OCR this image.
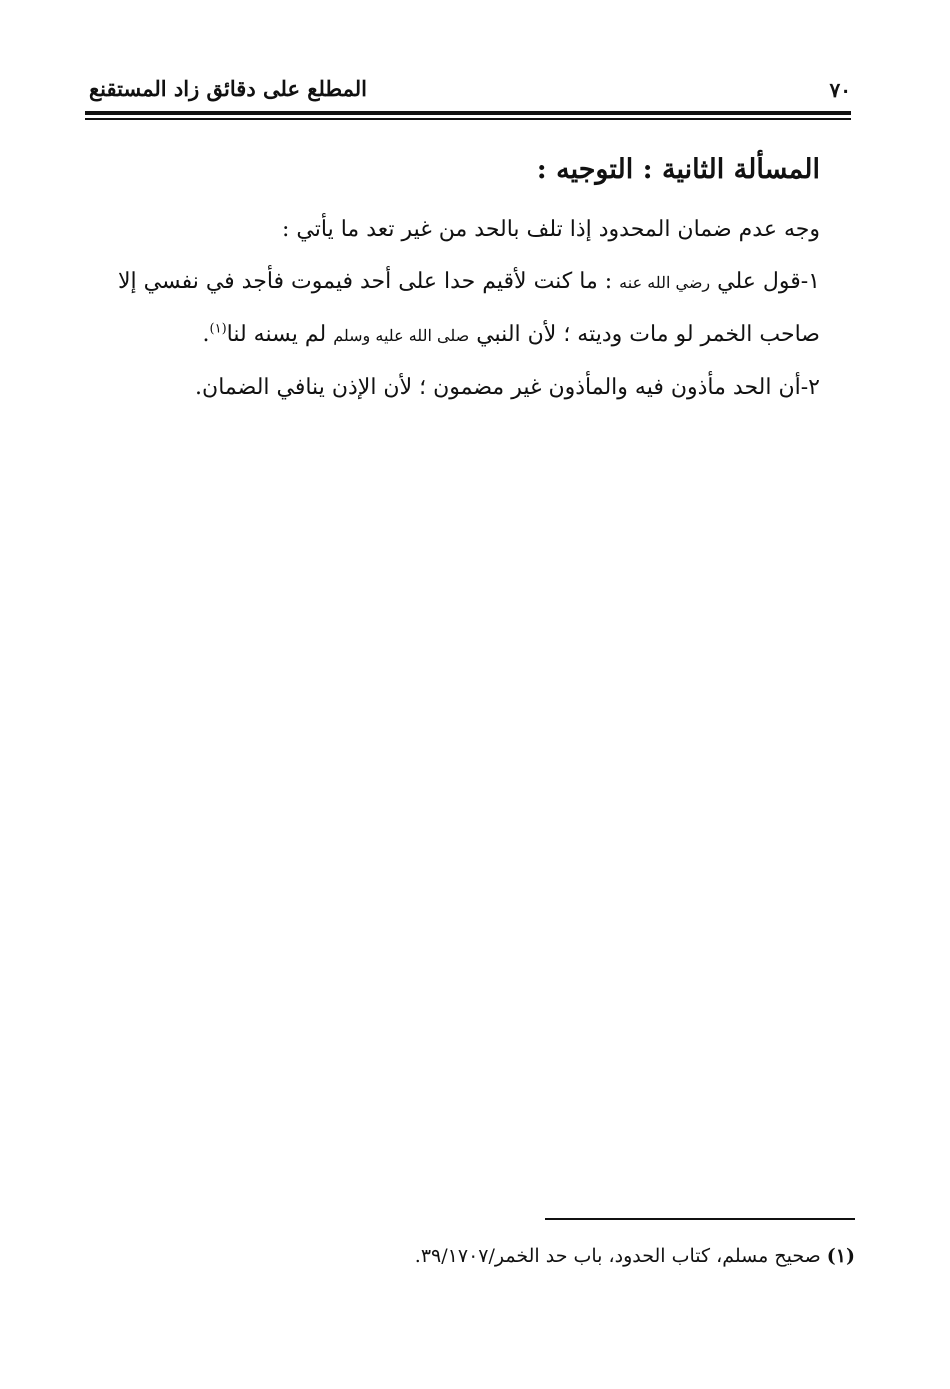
٧٠
المطلع على دقائق زاد المستقنع
المسألة الثانية : التوجيه :

وجه عدم ضمان المحدود إذا تلف بالحد من غير تعد ما يأتي :

١-قول علي رضي الله عنه : ما كنت لأقيم حدا على أحد فيموت فأجد في نفسي إلا صاحب الخمر لو مات وديته ؛ لأن النبي صلى الله عليه وسلم لم يسنه لنا$^{(١)}$.

٢-أن الحد مأذون فيه والمأذون غير مضمون ؛ لأن الإذن ينافي الضمان.

(١) صحيح مسلم، كتاب الحدود، باب حد الخمر/٣٩/١٧٠٧.
